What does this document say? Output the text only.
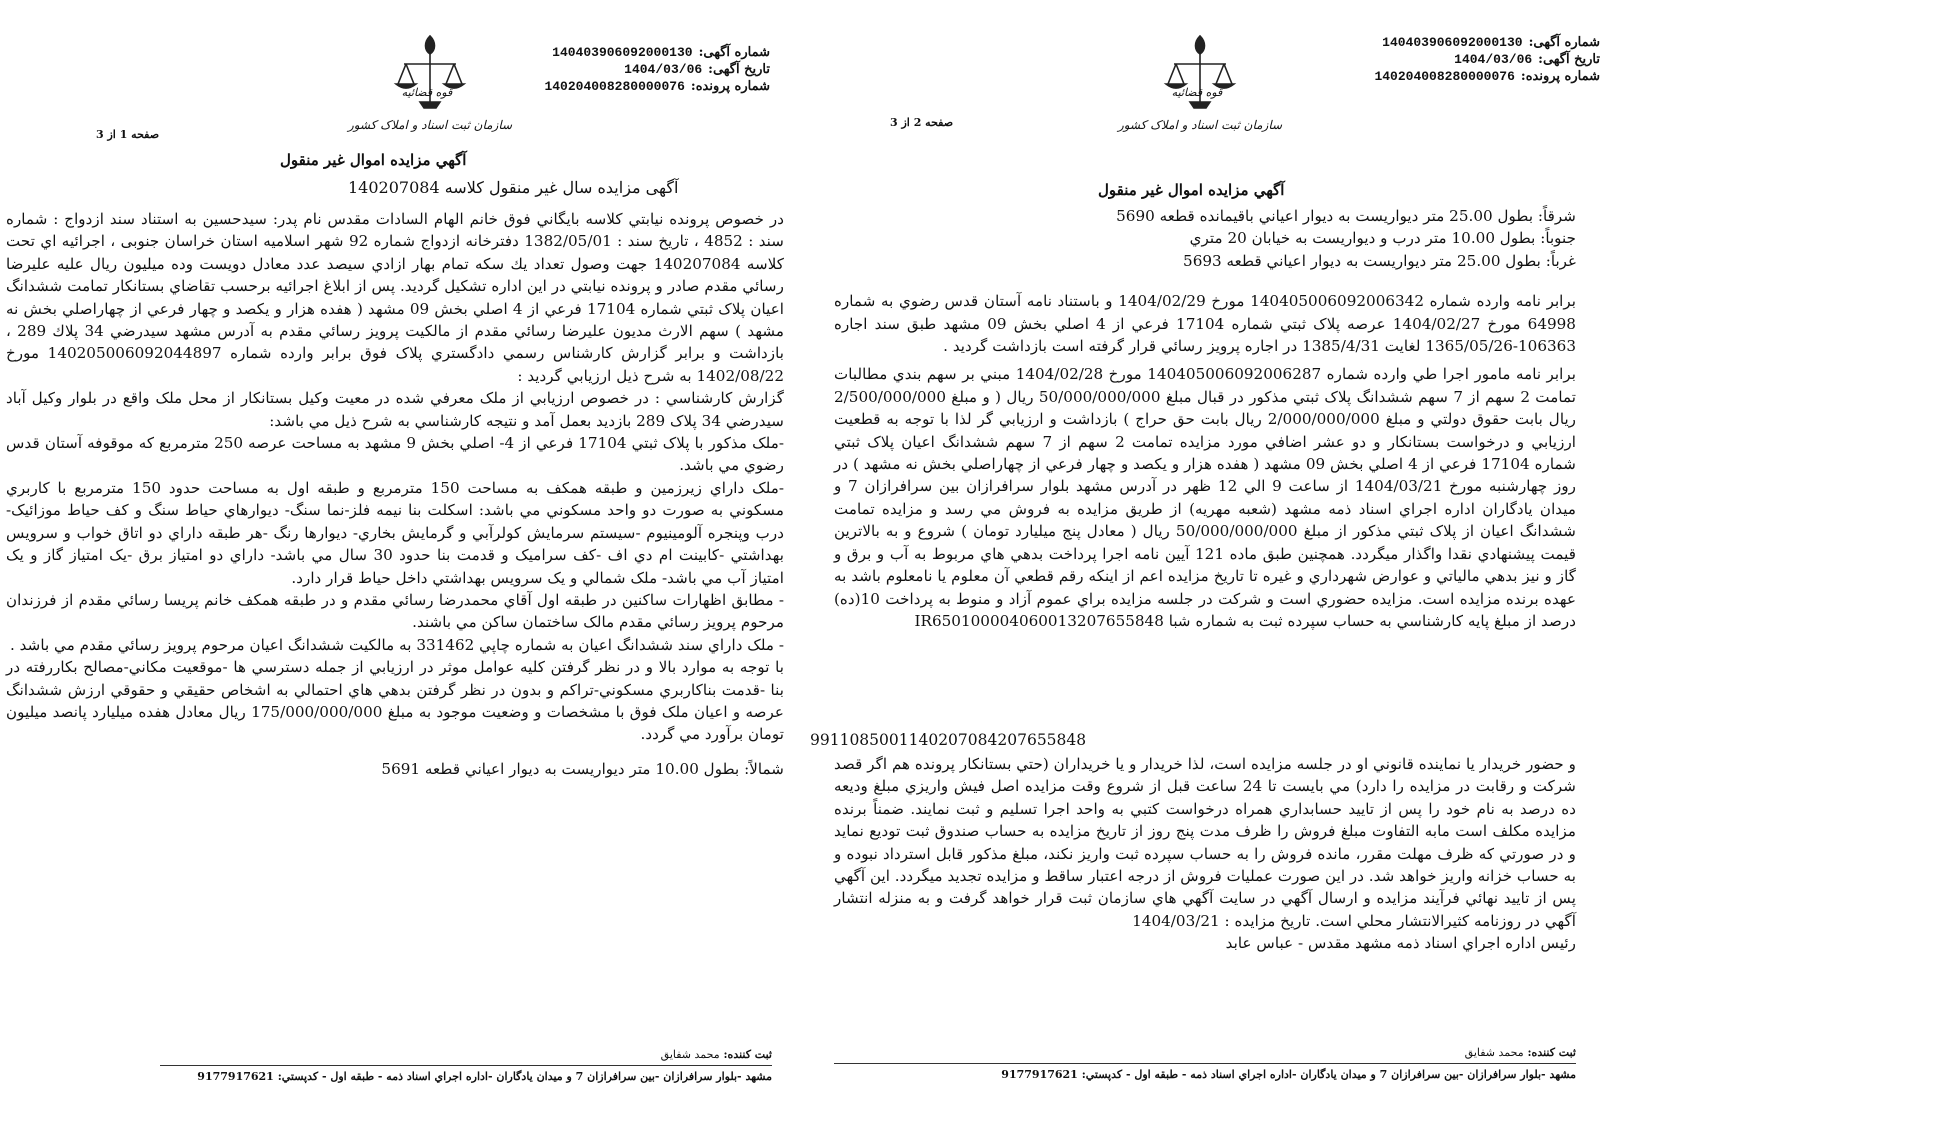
قوه قضائیه
سازمان ثبت اسناد و املاک کشور
شماره آگهی:140403906092000130
تاریخ آگهی:1404/03/06
شماره پرونده:140204008280000076
صفحه 1 از 3
آگهي مزايده اموال غير منقول
آگهی مزایده سال غیر منقول کلاسه 140207084

در خصوص پرونده نيابتي كلاسه بايگاني فوق خانم الهام السادات مقدس نام پدر: سيدحسين به استناد سند ازدواج : شماره سند : 4852 ، تاریخ سند : 1382/05/01 دفترخانه ازدواج شماره 92 شهر اسلامیه استان خراسان جنوبی ، اجرائيه اي تحت كلاسه 140207084 جهت وصول تعداد يك سكه تمام بهار ازادي سيصد عدد معادل دويست وده ميليون ريال عليه عليرضا رسائي مقدم صادر و پرونده نيابتي در اين اداره تشكيل گرديد. پس از ابلاغ اجرائيه برحسب تقاضاي بستانكار تمامت ششدانگ اعيان پلاک ثبتي شماره 17104 فرعي از 4 اصلي بخش 09 مشهد ( هفده هزار و يكصد و چهار فرعي از چهاراصلي بخش نه مشهد ) سهم الارث مديون عليرضا رسائي مقدم از مالكيت پرويز رسائي مقدم به آدرس مشهد سيدرضي 34 پلاك 289 ، بازداشت و برابر گزارش كارشناس رسمي دادگستري پلاک فوق برابر وارده شماره 140205006092044897 مورخ 1402/08/22 به شرح ذيل ارزيابي گرديد :

گزارش كارشناسي : در خصوص ارزيابي از ملک معرفي شده در معيت وكيل بستانكار از محل ملک واقع در بلوار وكيل آباد سيدرضي 34 پلاک 289 بازديد بعمل آمد و نتيجه كارشناسي به شرح ذيل مي باشد:

-ملک مذكور با پلاک ثبتي 17104 فرعي از 4- اصلي بخش 9 مشهد به مساحت عرصه 250 مترمربع كه موقوفه آستان قدس رضوي مي باشد.

-ملک داراي زيرزمين و طبقه همكف به مساحت 150 مترمربع و طبقه اول به مساحت حدود 150 مترمربع با كاربري مسكوني به صورت دو واحد مسكوني مي باشد: اسكلت بنا نيمه فلز-نما سنگ- ديوارهاي حياط سنگ و كف حياط موزائيک-درب وپنجره آلومينيوم -سيستم سرمايش كولرآبي و گرمايش بخاري- ديوارها رنگ -هر طبقه داراي دو اتاق خواب و سرويس بهداشتي -كابينت ام دي اف -كف سراميک و قدمت بنا حدود 30 سال مي باشد- داراي دو امتياز برق -يک امتياز گاز و يک امتياز آب مي باشد- ملک شمالي و يک سرويس بهداشتي داخل حياط قرار دارد.

- مطابق اظهارات ساكنين در طبقه اول آقاي محمدرضا رسائي مقدم و در طبقه همكف خانم پريسا رسائي مقدم از فرزندان مرحوم پرويز رسائي مقدم مالک ساختمان ساكن مي باشند.

- ملک داراي سند ششدانگ اعيان به شماره چاپي 331462 به مالكيت ششدانگ اعيان مرحوم پرويز رسائي مقدم مي باشد .

با توجه به موارد بالا و در نظر گرفتن كليه عوامل موثر در ارزيابي از جمله دسترسي ها -موقعيت مكاني-مصالح بكاررفته در بنا -قدمت بناكاربري مسكوني-تراكم و بدون در نظر گرفتن بدهي هاي احتمالي به اشخاص حقيقي و حقوقي ارزش ششدانگ عرصه و اعيان ملک فوق با مشخصات و وضعيت موجود به مبلغ 175/000/000/000 ريال معادل هفده ميليارد پانصد ميليون تومان برآورد مي گردد.

شمالاً: بطول 10.00 متر ديواريست به ديوار اعياني قطعه 5691

ثبت كننده: محمد شفایق
مشهد -بلوار سرافرازان -بين سرافرازان 7 و ميدان يادگاران -اداره اجراي اسناد ذمه - طبقه اول - كدپستي: 9177917621
قوه قضائیه
سازمان ثبت اسناد و املاک کشور
شماره آگهی:140403906092000130
تاریخ آگهی:1404/03/06
شماره پرونده:140204008280000076
صفحه 2 از 3
آگهي مزايده اموال غير منقول
شرقاً: بطول 25.00 متر ديواريست به ديوار اعياني باقيمانده قطعه 5690
جنوباً: بطول 10.00 متر درب و ديواريست به خيابان 20 متري
غرباً: بطول 25.00 متر ديواريست به ديوار اعياني قطعه 5693

برابر نامه وارده شماره 140405006092006342 مورخ 1404/02/29 و باستناد نامه آستان قدس رضوي به شماره 64998 مورخ 1404/02/27 عرصه پلاک ثبتي شماره 17104 فرعي از 4 اصلي بخش 09 مشهد طبق سند اجاره 106363-1365/05/26 لغايت 1385/4/31 در اجاره پرويز رسائي قرار گرفته است بازداشت گرديد .

برابر نامه مامور اجرا طي وارده شماره 140405006092006287 مورخ 1404/02/28 مبني بر سهم بندي مطالبات تمامت 2 سهم از 7 سهم ششدانگ پلاک ثبتي مذكور در قبال مبلغ 50/000/000/000 ريال ( و مبلغ 2/500/000/000 ريال بابت حقوق دولتي و مبلغ 2/000/000/000 ريال بابت حق حراج ) بازداشت و ارزيابي گر لذا با توجه به قطعيت ارزيابي و درخواست بستانكار و دو عشر اضافي مورد مزايده تمامت 2 سهم از 7 سهم ششدانگ اعيان پلاک ثبتي شماره 17104 فرعي از 4 اصلي بخش 09 مشهد ( هفده هزار و يكصد و چهار فرعي از چهاراصلي بخش نه مشهد ) در روز چهارشنبه مورخ 1404/03/21 از ساعت 9 الي 12 ظهر در آدرس مشهد بلوار سرافرازان بين سرافرازان 7 و ميدان يادگاران اداره اجراي اسناد ذمه مشهد (شعبه مهريه) از طريق مزايده به فروش مي رسد و مزايده تمامت ششدانگ اعيان از پلاک ثبتي مذكور از مبلغ 50/000/000/000 ريال ( معادل پنج ميليارد تومان ) شروع و به بالاترين قيمت پيشنهادي نقدا واگذار ميگردد. همچنين طبق ماده 121 آيين نامه اجرا پرداخت بدهي هاي مربوط به آب و برق و گاز و نيز بدهي مالياتي و عوارض شهرداري و غيره تا تاريخ مزايده اعم از اينكه رقم قطعي آن معلوم يا نامعلوم باشد به عهده برنده مزايده است. مزايده حضوري است و شركت در جلسه مزايده براي عموم آزاد و منوط به پرداخت 10(ده) درصد از مبلغ پايه كارشناسي به حساب سپرده ثبت به شماره شبا IR650100004060013207655848

9911085001140207084207655848

و حضور خريدار يا نماينده قانوني او در جلسه مزايده است، لذا خريدار و يا خريداران (حتي بستانكار پرونده هم اگر قصد شركت و رقابت در مزايده را دارد) مي بايست تا 24 ساعت قبل از شروع وقت مزايده اصل فيش واريزي مبلغ وديعه ده درصد به نام خود را پس از تاييد حسابداري همراه درخواست كتبي به واحد اجرا تسليم و ثبت نمايند. ضمناً برنده مزايده مكلف است مابه التفاوت مبلغ فروش را ظرف مدت پنج روز از تاريخ مزايده به حساب صندوق ثبت توديع نمايد و در صورتي كه ظرف مهلت مقرر، مانده فروش را به حساب سپرده ثبت واريز نكند، مبلغ مذكور قابل استرداد نبوده و به حساب خزانه واريز خواهد شد. در اين صورت عمليات فروش از درجه اعتبار ساقط و مزايده تجديد ميگردد. اين آگهي پس از تاييد نهائي فرآيند مزايده و ارسال آگهي در سايت آگهي هاي سازمان ثبت قرار خواهد گرفت و به منزله انتشار آگهي در روزنامه كثيرالانتشار محلي است. تاريخ مزايده : 1404/03/21

رئيس اداره اجراي اسناد ذمه مشهد مقدس - عباس عابد

ثبت كننده: محمد شفایق
مشهد -بلوار سرافرازان -بين سرافرازان 7 و ميدان يادگاران -اداره اجراي اسناد ذمه - طبقه اول - كدپستي: 9177917621
